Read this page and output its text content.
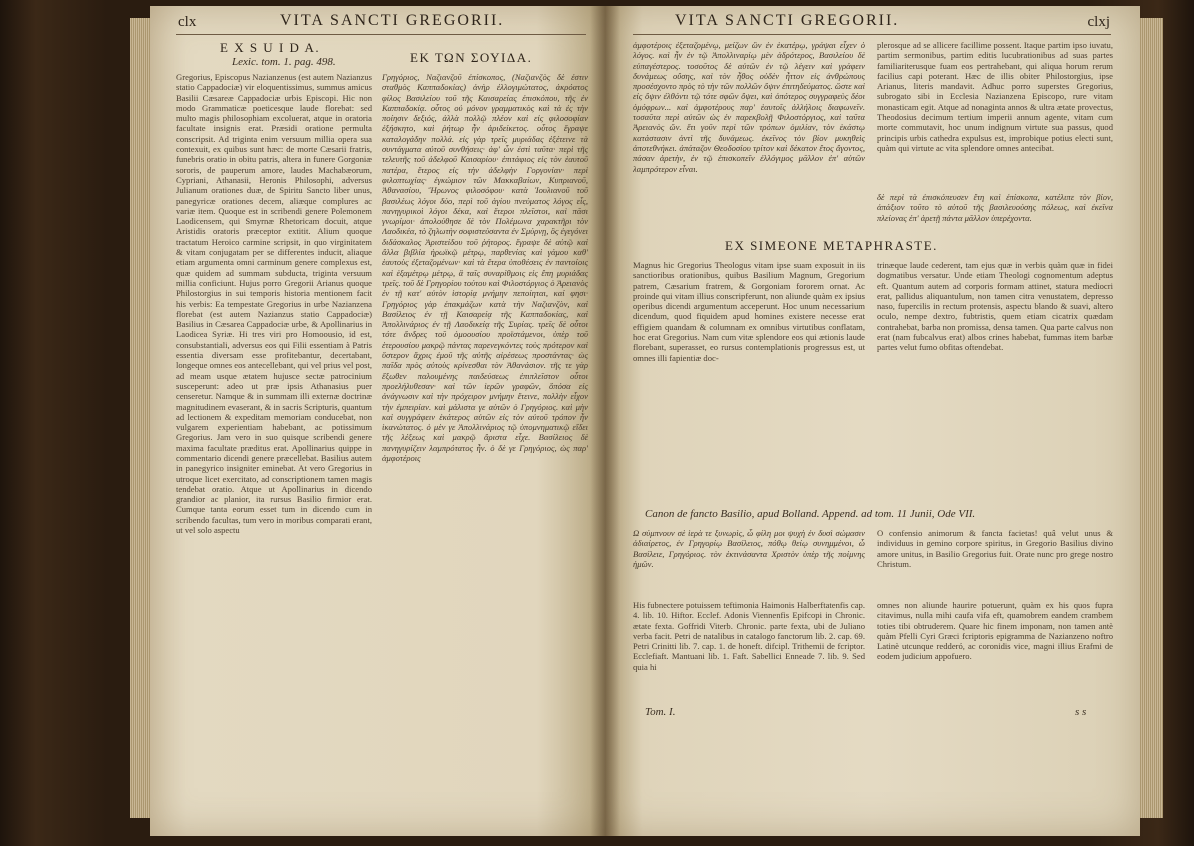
clx	VITA SANCTI GREGORII.
E X S U I D A.
Lexic. tom. 1. pag. 498.	ΕΚ ΤΩΝ ΣΟΥΙΔΑ.
Gregorius, Episcopus Nazianzenus (est autem Nazianzus statio Cappadociæ) vir eloquentissimus, summus amicus Basilii Cæsareæ Cappadociæ urbis Episcopi. Hic non modo Grammaticæ poeticesque laude florebat: sed multo magis philosophiam excoluerat, atque in oratoria facultate insignis erat. Præsidi oratione permulta conscripsit. Ad triginta enim versuum millia opera sua contexuit, ex quibus sunt hæc: de morte Cæsarii fratris, funebris oratio in obitu patris, altera in funere Gorgoniæ sororis, de pauperum amore, laudes Machabæorum, Cypriani, Athanasii, Heronis Philosophi, adversus Julianum orationes duæ, de Spiritu Sancto liber unus, panegyricæ orationes decem, aliæque complures ac variæ item. Quoque est in scribendi genere Polemonem Laodicensem, qui Smyrnæ Rhetoricam docuit, atque Aristidis oratoris præceptor extitit. Alium quoque tractatum Heroico carmine scripsit, in quo virginitatem & vitam conjugatam per se differentes inducit, aliaque etiam argumenta omni carminum genere complexus est, quæ quidem ad summam subducta, triginta versuum millia conficiunt. Hujus porro Gregorii Arianus quoque Philostorgius in sui temporis historia mentionem facit his verbis: Ea tempestate Gregorius in urbe Nazianzena florebat (est autem Nazianzus statio Cappadociæ) Basilius in Cæsarea Cappadociæ urbe, & Apollinarius in Laodicea Syriæ. Hi tres viri pro Homoousio, id est, consubstantiali, adversus eos qui Filii essentiam à Patris essentia diversam esse profitebantur, decertabant, longeque omnes eos antecellebant, qui vel prius vel post, ad meam usque ætatem hujusce sectæ patrocinium susceperunt: adeo ut præ ipsis Athanasius puer censeretur. Namque & in summam illi externæ doctrinæ magnitudinem evaserant, & in sacris Scripturis, quantum ad lectionem & expeditam memoriam conducebat, non vulgarem experientiam habebant, ac potissimum Gregorius. Jam vero in suo quisque scribendi genere maxima facultate præditus erat. Apollinarius quippe in commentario dicendi genere præcellebat. Basilius autem in panegyrico insigniter eminebat. At vero Gregorius in utroque licet exercitato, ad conscriptionem tamen magis tendebat oratio. Atque ut Apollinarius in dicendo grandior ac planior, ita rursus Basilio firmior erat. Cumque tanta eorum esset tum in dicendo cum in scribendo facultas, tum vero in moribus comparati erant, ut vel solo aspectu
Γρηγόριος, Ναζιανζοῦ ἐπίσκοπος, (Ναζιανζὸς δὲ ἐστιν σταθμὸς Καππαδοκίας) ἀνὴρ ἐλλογιμώτατος, ἀκρόατος φίλος Βασιλείου τοῦ τῆς Καισαρείας ἐπισκόπου, τῆς ἐν Καππαδοκίᾳ. οὗτος οὐ μόνον γραμματικὸς καὶ τὰ ἐς τὴν ποίησιν δεξιός, ἀλλὰ πολλῷ πλέον καὶ εἰς φιλοσοφίαν ἐξήσκητο, καὶ ῥήτωρ ἦν ἀριδείκετος. οὗτος ἔγραψε καταλογάδην πολλά. εἰς γὰρ τρεῖς μυριάδας ἐξέτεινε τὰ συντάγματα αὐτοῦ συνθήσεις· ἀφ' ὧν ἐστὶ ταῦτα· περὶ τῆς τελευτῆς τοῦ ἀδελφοῦ Καισαρίου· ἐπιτάφιος εἰς τὸν ἑαυτοῦ πατέρα, ἕτερος εἰς τὴν ἀδελφὴν Γοργονίαν· περὶ φιλοπτωχίας· ἐγκώμιον τῶν Μακκαβαίων, Κυπριανοῦ, Ἀθανασίου, Ἥρωνος φιλοσόφου· κατὰ Ἰουλιανοῦ τοῦ βασιλέως λόγοι δύο, περὶ τοῦ ἁγίου πνεύματος λόγος εἷς, πανηγυρικοὶ λόγοι δέκα, καὶ ἕτεροι πλεῖστοι, καὶ πᾶσι γνωρίμοι· ἀπολούθησε δὲ τὸν Πολέμωνα χαρακτῆρι τὸν Λαοδικέα, τὸ ζηλωτὴν σοφιστεύσαντα ἐν Σμύρνῃ, ὃς ἐγεγόνει διδάσκαλος Ἀριστείδου τοῦ ῥήτορος. ἔγραψε δὲ αὐτῷ καὶ ἄλλα βιβλία ἡρωϊκῷ μέτρῳ, παρθενίας καὶ γάμου καθ' ἑαυτοὺς ἐξεταζομένων· καὶ τὰ ἕτερα ὑποθέσεις ἐν παντοίοις καὶ ἑξαμέτρῳ μέτρῳ, ἃ ταῖς συναρίθμοις εἰς ἔπη μυριάδας τρεῖς. τοῦ δὲ Γρηγορίου τούτου καὶ Φιλοστόργιος ὁ Ἀρειανὸς ἐν τῇ κατ' αὐτὸν ἱστορίᾳ μνήμην πεποίηται, καί φησι· Γρηγόριος γὰρ ἐπακμάζων κατὰ τὴν Ναζιανζὸν, καὶ Βασίλειος ἐν τῇ Καισαρείᾳ τῆς Καππαδοκίας, καὶ Ἀπολλινάριος ἐν τῇ Λαοδικείᾳ τῆς Συρίας. τρεῖς δὲ οὗτοι τότε ἄνδρες τοῦ ὁμοουσίου προϊστάμενοι, ὑπὲρ τοῦ ἑτερουσίου μακρῷ πάντας παρενεγκόντες τοὺς πρότερον καὶ ὕστερον ἄχρις ἐμοῦ τῆς αὐτῆς αἱρέσεως προστάντας· ὡς παῖδα πρὸς αὐτοὺς κρίνεσθαι τὸν Ἀθανάσιον. τῆς τε γὰρ ἔξωθεν παλουμένης παιδεύσεως ἐπιπλεῖστον οὗτοι προελήλυθεσαν· καὶ τῶν ἱερῶν γραφῶν, ὅπόσα εἰς ἀνάγνωσιν καὶ τὴν πρόχειρον μνήμην ἔτεινε, πολλὴν εἶχον τὴν ἐμπειρίαν. καὶ μάλιστα γε αὐτῶν ὁ Γρηγόριος. καὶ μὴν καὶ συγγράφειν ἑκάτερος αὐτῶν εἰς τὸν αὐτοῦ τρόπον ἦν ἱκανώτατος. ὁ μὲν γε Ἀπολλινάριος τῷ ὑπομνηματικῷ εἴδει τῆς λέξεως καὶ μακρῷ ἄριστα εἶχε. Βασίλειος δὲ πανηγυρίζειν λαμπρότατος ἦν. ὁ δὲ γε Γρηγόριος, ὡς παρ' ἀμφοτέροις
VITA SANCTI GREGORII.	clxj
ἀμφοτέροις ἐξεταζομένῳ, μείζων ὢν ἐν ἑκατέρῳ, γράψαι εἶχεν ὁ λόγος. καὶ ἦν ἐν τῷ Ἀπολλιναρίῳ μὲν ἁδρότερος, Βασιλείου δὲ εὐπαγέστερος. τοσοῦτος δὲ αὐτῶν ἐν τῷ λέγειν καὶ γράφειν δυνάμεως οὔσης, καὶ τὸν ἦθος οὐδὲν ἦττον εἰς ἀνθρώπους προσέσχοντο πρὸς τὸ τὴν τῶν πολλῶν ὄψιν ἐπιτηδεύματος. ὥστε καὶ εἰς ὄψιν ἐλθόντι τῷ τότε σφῶν ὄψει, καὶ ὀπότερος συγγραφεὺς δέοι ὁμόφρων... καὶ ἀμφοτέρους παρ' ἑαυτοῖς ἀλλήλοις διαφωνεῖν. τοσαῦτα περὶ αὐτῶν ὡς ἐν παρεκβολῇ Φιλοστόργιος, καὶ ταῦτα Ἀρειανὸς ὤν. ἔτι γοῦν περὶ τῶν τρόπων ὁμιλίαν, τὸν ἑκάστῳ κατάστασιν ἀντὶ τῆς δυνάμεως. ἐκεῖνος τὸν βίον μυκηθεὶς ἀποτεθνήκει. ἀπάταζον Θεοδοσίου τρίτον καὶ δέκατον ἔτος ἄγοντος, πάσαν ἀρετὴν, ἐν τῷ ἐπισκοπεῖν ἐλλόγιμος μᾶλλον ἐπ' αὐτῶν λαμπρότερον εἶναι.
plerosque ad se allicere facillime possent. Itaque partim ipso iuvatu, partim sermonibus, partim editis lucubrationibus ad suas partes familiariterusque fuam eos pertrahebant, qui aliqua horum rerum facilius capi poterant. Hæc de illis obiter Philostorgius, ipse Arianus, literis mandavit. Adhuc porro superstes Gregorius, subrogato sibi in Ecclesia Nazianzena Episcopo, rure vitam monasticam egit. Atque ad nonaginta annos & ultra ætate provectus, Theodosius decimum tertium imperii annum agente, vitam cum morte commutavit, hoc unum indignum virtute sua passus, quod principis urbis cathedra expulsus est, improbique potius electi sunt, quàm qui virtute ac vita splendore omnes antecibat.
δὲ περὶ τὰ ἐπισκόπευσεν ἔτη καὶ ἐπίσκοπα, κατέλιπε τὸν βίον, ἀπάξιον τοῦτο τὸ αὐτοῦ τῆς βασιλευούσης πόλεως, καὶ ἐκεῖνα πλείονας ἐπ' ἀρετῇ πάντα μᾶλλον ὑπερέχοντα.
EX SIMEONE METAPHRASTE.
Magnus hic Gregorius Theologus vitam ipse suam exposuit in iis sanctioribus orationibus, quibus Basilium Magnum, Gregorium patrem, Cæsarium fratrem, & Gorgoniam fororem ornat. Ac proinde qui vitam illius conscripferunt, non aliunde quàm ex ipsius operibus dicendi argumentum acceperunt. Hoc unum necessarium dicendum, quod fiquidem apud homines existere necesse erat effigiem quandam & columnam ex omnibus virtutibus conflatam, hoc erat Gregorius. Nam cum vitæ splendore eos qui ætionis laude florebant, superasset, eo rursus contemplationis progressus est, ut omnes illi fapientiæ doc-
trinæque laude cederent, tam ejus quæ in verbis quàm quæ in fidei dogmatibus versatur. Unde etiam Theologi cognomentum adeptus eft. Quantum autem ad corporis formam attinet, statura mediocri erat, pallidus aliquantulum, non tamen citra venustatem, depresso naso, fupercilis in rectum protensis, aspectu blando & suavi, altero oculo, nempe dextro, fubtristis, quem etiam cicatrix quædam contrahebat, barba non promissa, densa tamen. Qua parte calvus non erat (nam fubcalvus erat) albos crines habebat, fummas item barbæ partes velut fumo obfitas oftendebat.
Canon de fancto Basilio, apud Bolland. Append. ad tom. 11 Junii, Ode VII.
Ω σύμπνουν σὲ ἱερὰ τε ξυνωρὶς, ὦ φίλη μοι ψυχὴ ἐν δυσὶ σώμασιν ἀδιαίρετος, ἐν Γρηγορίῳ Βασίλειος, πόθῳ θείῳ συνημμένοι, ὦ Βασίλειε, Γρηγόριος. τὸν ἐκτινάσαντα Χριστὸν ὑπὲρ τῆς ποίμνης ἡμῶν.
O confensio animorum & fancta facietas! quâ velut unus & individuus in gemino corpore spiritus, in Gregorio Basilius divino amore unitus, in Basilio Gregorius fuit. Orate nunc pro grege nostro Christum.
His fubnectere potuissem teftimonia Haimonis Halberftatenfis cap. 4. lib. 10. Hiftor. Ecclef. Adonis Viennenfis Epifcopi in Chronic. ætate fexta. Goffridi Viterb. Chronic. parte fexta, ubi de Juliano verba facit. Petri de natalibus in catalogo fanctorum lib. 2. cap. 69. Petri Crinitti lib. 7. cap. 1. de honeft. difcipl. Trithemii de fcriptor. Ecclefiaft. Mantuani lib. 1. Faft. Sabellici Enneade 7. lib. 9. Sed quia hi
omnes non aliunde haurire potuerunt, quàm ex his quos fupra citavimus, nulla mihi caufa vifa eft, quamobrem eandem crambem toties tibi obtruderem. Quare hic finem imponam, non tamen antè quàm Pfelli Cyri Græci fcriptoris epigramma de Nazianzeno noftro Latinè utcunque redderó, ac coronidis vice, magni illius Erafmi de eodem judicium appofuero.
Tom. I.	s s
